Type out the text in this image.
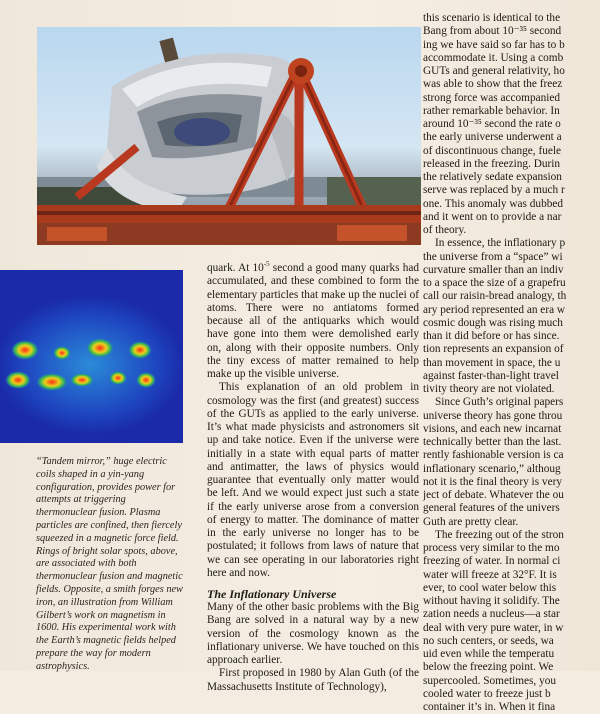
“Tandem mirror,” huge electric coils shaped in a yin-yang configuration, provides power for attempts at triggering thermonuclear fusion. Plasma particles are confined, then fiercely squeezed in a magnetic force field. Rings of bright solar spots, above, are associated with both thermonuclear fusion and magnetic fields. Opposite, a smith forges new iron, an illustration from William Gilbert’s work on magnetism in 1600. His experimental work with the Earth’s magnetic fields helped prepare the way for modern astrophysics.

quark. At $10^{-5}$ second a good many quarks had accumulated, and these combined to form the elementary particles that make up the nuclei of atoms. There were no antiatoms formed because all of the antiquarks which would have gone into them were demolished early on, along with their opposite numbers. Only the tiny excess of matter remained to help make up the visible universe.

This explanation of an old problem in cosmology was the first (and greatest) success of the GUTs as applied to the early universe. It’s what made physicists and astronomers sit up and take notice. Even if the universe were initially in a state with equal parts of matter and antimatter, the laws of physics would guarantee that eventually only matter would be left. And we would expect just such a state if the early universe arose from a conversion of energy to matter. The dominance of matter in the early universe no longer has to be postulated; it follows from laws of nature that we can see operating in our laboratories right here and now.

The Inflationary Universe

Many of the other basic problems with the Big Bang are solved in a natural way by a new version of the cosmology known as the inflationary universe. We have touched on this approach earlier.

First proposed in 1980 by Alan Guth (of the Massachusetts Institute of Technology),

this scenario is identical to the

Bang from about 10⁻³⁵ second

ing we have said so far has to b

accommodate it. Using a comb

GUTs and general relativity, ho

was able to show that the freez

strong force was accompanied

rather remarkable behavior. In

around 10⁻³⁵ second the rate o

the early universe underwent a

of discontinuous change, fuele

released in the freezing. Durin

the relatively sedate expansion

serve was replaced by a much r

one. This anomaly was dubbed

and it went on to provide a nar

of theory.

In essence, the inflationary p

the universe from a “space” wi

curvature smaller than an indiv

to a space the size of a grapefru

call our raisin-bread analogy, th

ary period represented an era w

cosmic dough was rising much

than it did before or has since.

tion represents an expansion of

than movement in space, the u

against faster-than-light travel

tivity theory are not violated.

Since Guth’s original papers

universe theory has gone throu

visions, and each new incarnat

technically better than the last.

rently fashionable version is ca

inflationary scenario,” althoug

not it is the final theory is very

ject of debate. Whatever the ou

general features of the univers

Guth are pretty clear.

The freezing out of the stron

process very similar to the mo

freezing of water. In normal ci

water will freeze at 32°F. It is

ever, to cool water below this

without having it solidify. The

zation needs a nucleus—a star

deal with very pure water, in w

no such centers, or seeds, wa

uid even while the temperatu

below the freezing point. We

supercooled. Sometimes, you

cooled water to freeze just b

container it’s in. When it fina
